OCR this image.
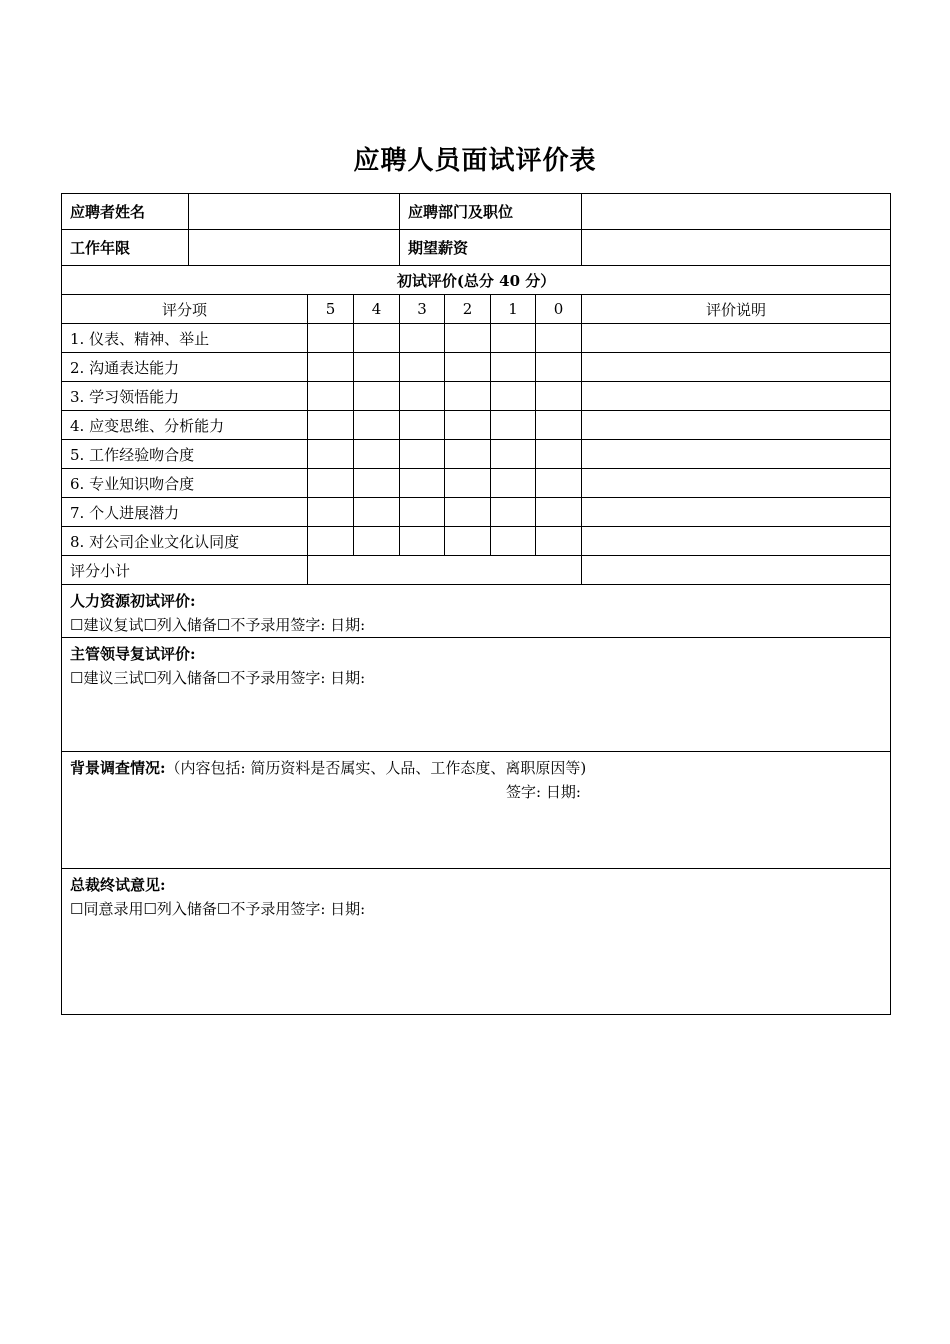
应聘人员面试评价表
应聘者姓名				应聘部门及职位				
工作年限				期望薪资				
初试评价(总分 40 分）								
评分项		5	4	3	2	1	0	评价说明
1. 仪表、精神、举止								
2. 沟通表达能力								
3. 学习领悟能力								
4. 应变思维、分析能力								
5. 工作经验吻合度								
6. 专业知识吻合度								
7. 个人进展潜力								
8. 对公司企业文化认同度								
评分小计								

人力资源初试评价:
☐建议复试☐列入储备☐不予录用签字: 日期:								

主管领导复试评价:
☐建议三试☐列入储备☐不予录用签字: 日期:								

背景调查情况:（内容包括: 简历资料是否属实、人品、工作态度、离职原因等)
签字: 日期:								

总裁终试意见:
☐同意录用☐列入储备☐不予录用签字: 日期:								
